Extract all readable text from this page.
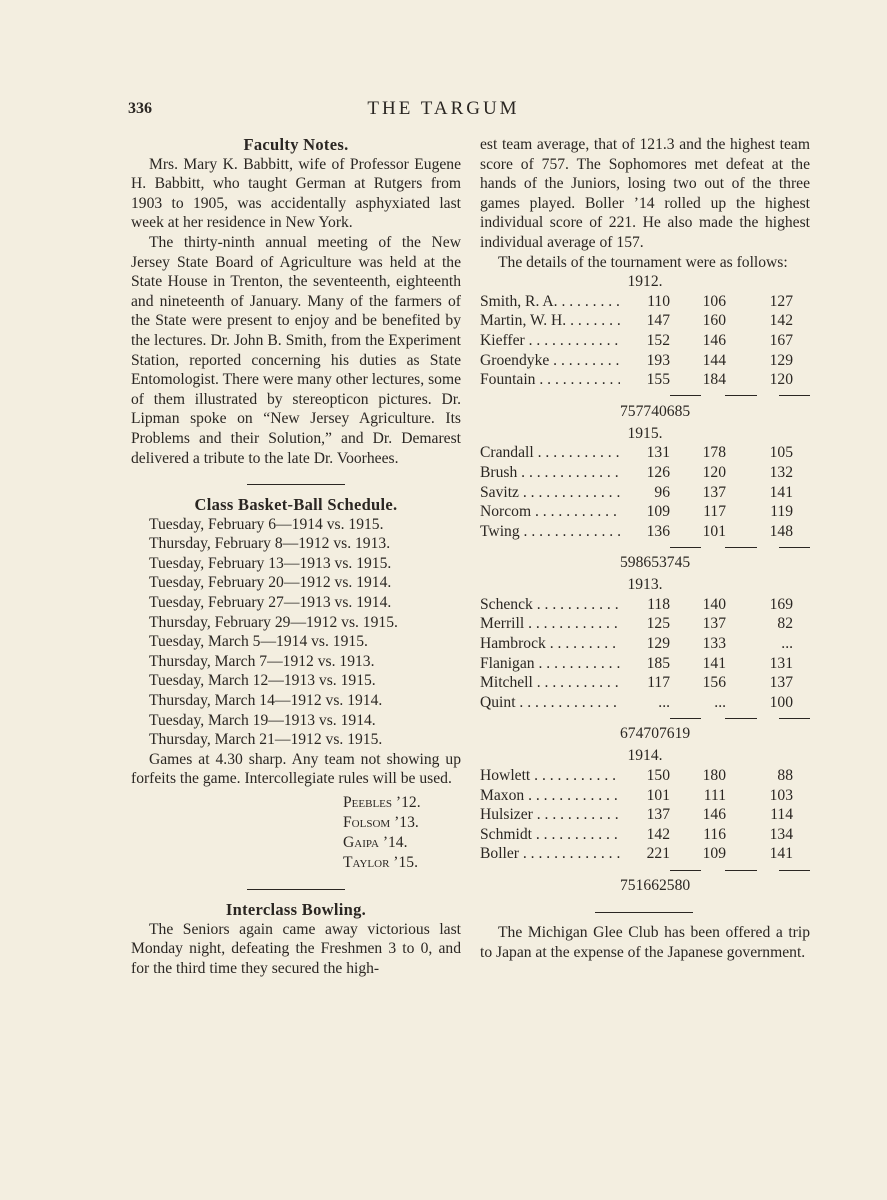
336	THE TARGUM
Faculty Notes.

Mrs. Mary K. Babbitt, wife of Professor Eugene H. Babbitt, who taught German at Rutgers from 1903 to 1905, was accidentally asphyxiated last week at her residence in New York.

The thirty-ninth annual meeting of the New Jersey State Board of Agriculture was held at the State House in Trenton, the seventeenth, eighteenth and nineteenth of January. Many of the farmers of the State were present to enjoy and be benefited by the lectures. Dr. John B. Smith, from the Experiment Station, reported concerning his duties as State Entomologist. There were many other lectures, some of them illustrated by stereopticon pictures. Dr. Lipman spoke on “New Jersey Agriculture. Its Problems and their Solution,” and Dr. Demarest delivered a tribute to the late Dr. Voorhees.

Class Basket-Ball Schedule.
Tuesday, February 6—1914 vs. 1915.
Thursday, February 8—1912 vs. 1913.
Tuesday, February 13—1913 vs. 1915.
Tuesday, February 20—1912 vs. 1914.
Tuesday, February 27—1913 vs. 1914.
Thursday, February 29—1912 vs. 1915.
Tuesday, March 5—1914 vs. 1915.
Thursday, March 7—1912 vs. 1913.
Tuesday, March 12—1913 vs. 1915.
Thursday, March 14—1912 vs. 1914.
Tuesday, March 19—1913 vs. 1914.
Thursday, March 21—1912 vs. 1915.

Games at 4.30 sharp. Any team not showing up forfeits the game. Intercollegiate rules will be used.

Peebles ’12.
Folsom ’13.
Gaipa ’14.
Taylor ’15.
Interclass Bowling.

The Seniors again came away victorious last Monday night, defeating the Freshmen 3 to 0, and for the third time they secured the high-

est team average, that of 121.3 and the highest team score of 757. The Sophomores met defeat at the hands of the Juniors, losing two out of the three games played. Boller ’14 rolled up the highest individual score of 221. He also made the highest individual average of 157.

The details of the tournament were as follows:

1912.
Smith, R. A. . . .	110	106	127
Martin, W. H. . . .	147	160	142
Kieffer . . .	152	146	167
Groendyke . . .	193	144	129
Fountain . . .	155	184	120
757 740 685
1915.
Crandall . . .	131	178	105
Brush . . .	126	120	132
Savitz . . .	96	137	141
Norcom . . .	109	117	119
Twing . . .	136	101	148
598 653 745
1913.
Schenck . . .	118	140	169
Merrill . . .	125	137	82
Hambrock . . .	129	133	...
Flanigan . . .	185	141	131
Mitchell . . .	117	156	137
Quint . . .	...	...	100
674 707 619
1914.
Howlett . . .	150	180	88
Maxon . . .	101	111	103
Hulsizer . . .	137	146	114
Schmidt . . .	142	116	134
Boller . . .	221	109	141
751 662 580

The Michigan Glee Club has been offered a trip to Japan at the expense of the Japanese government.
